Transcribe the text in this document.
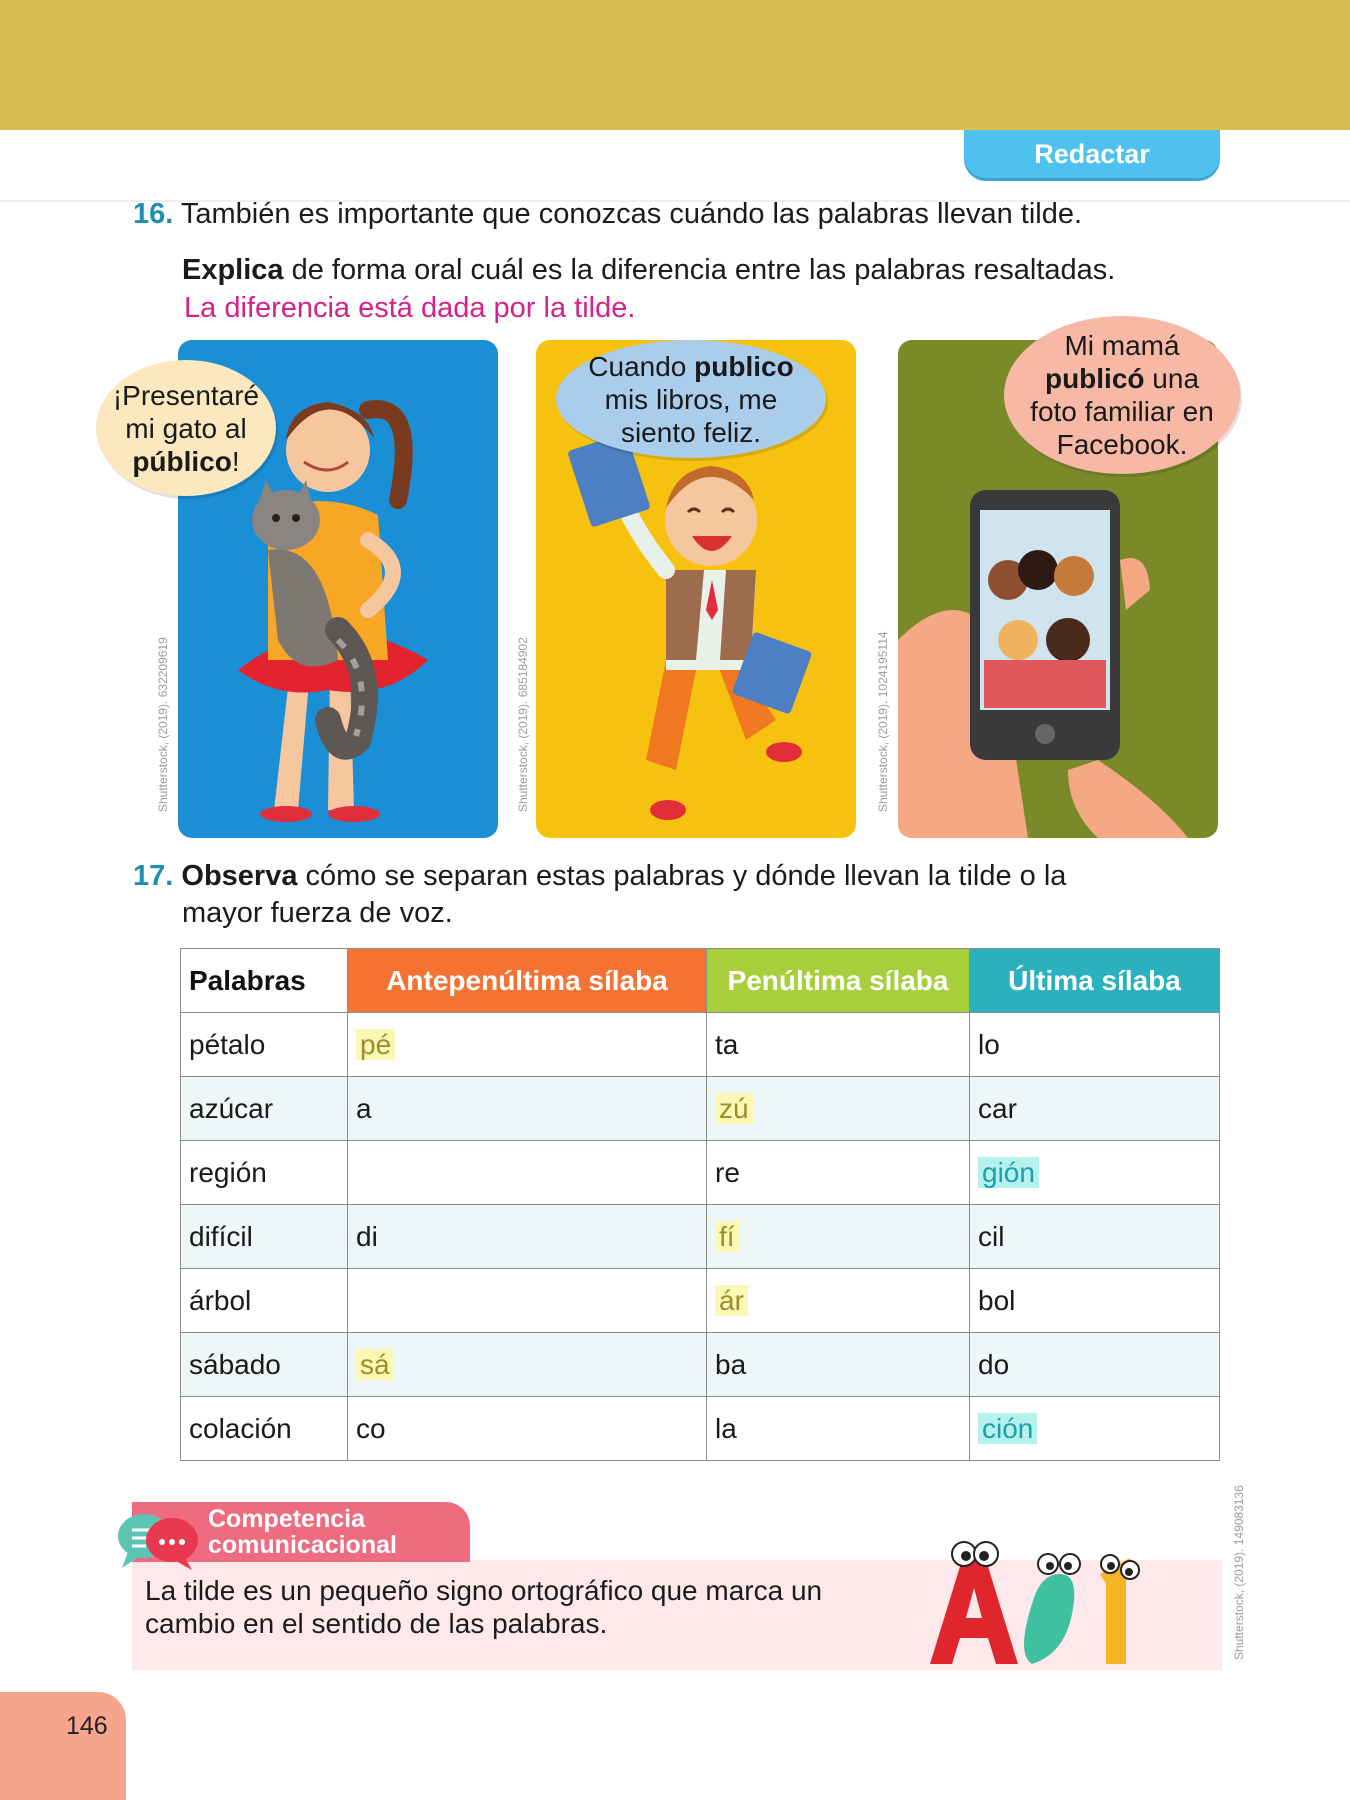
Redactar
16. También es importante que conozcas cuándo las palabras llevan tilde.
Explica de forma oral cuál es la diferencia entre las palabras resaltadas.
La diferencia está dada por la tilde.
¡Presentaré mi gato al público!
Shutterstock, (2019). 632209619
Cuando publico mis libros, me siento feliz.
Shutterstock, (2019). 685184902
Mi mamá publicó una foto familiar en Facebook.
Shutterstock, (2019). 1024195114
17. Observa cómo se separan estas palabras y dónde llevan la tilde o la
mayor fuerza de voz.
Palabras	Antepenúltima sílaba	Penúltima sílaba	Última sílaba
pétalo	pé	ta	lo
azúcar	a	zú	car
región		re	gión
difícil	di	fí	cil
árbol		ár	bol
sábado	sá	ba	do
colación	co	la	ción
Competencia
comunicacional
La tilde es un pequeño signo ortográfico que marca un cambio en el sentido de las palabras.	Shutterstock, (2019). 149083136
146
